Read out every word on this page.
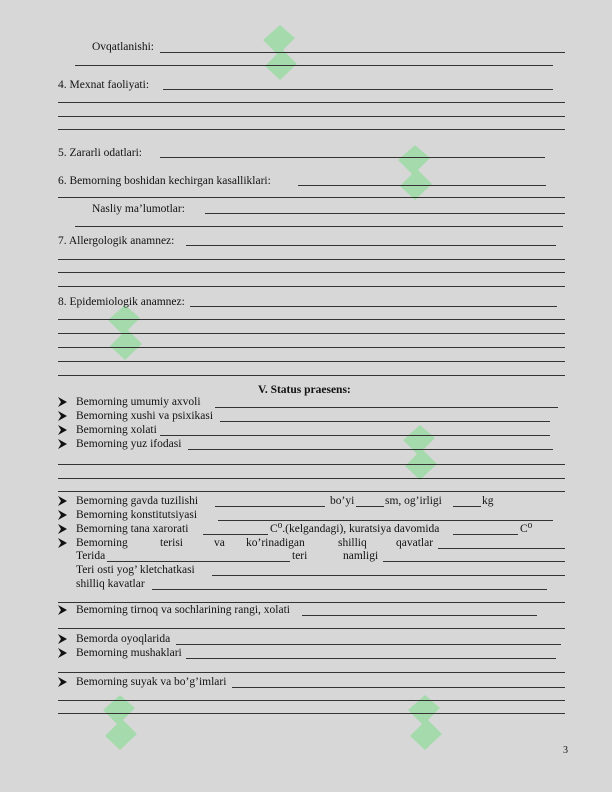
Ovqatlanishi:
4. Mexnat faoliyati:
5. Zararli odatlari:
6. Bemorning boshidan kechirgan kasalliklari:
Nasliy ma’lumotlar:
7. Allergologik anamnez:
8. Epidemiologik anamnez:
V. Status praesens:
Bemorning umumiy axvoli
Bemorning xushi va psixikasi
Bemorning xolati
Bemorning yuz ifodasi
Bemorning gavda tuzilishi	bo’yi	sm, og’irligi	kg
Bemorning konstitutsiyasi
Bemorning tana xarorati	C⁰.(kelgandagi), kuratsiya davomida	C⁰
Bemorning	terisi	va ko’rinadigan	shilliq	qavatlar
Terida	teri	namligi
Teri osti yog’ kletchatkasi
shilliq kavatlar
Bemorning tirnoq va sochlarining rangi, xolati
Bemorda oyoqlarida
Bemorning mushaklari
Bemorning suyak va bo’g’imlari
3
